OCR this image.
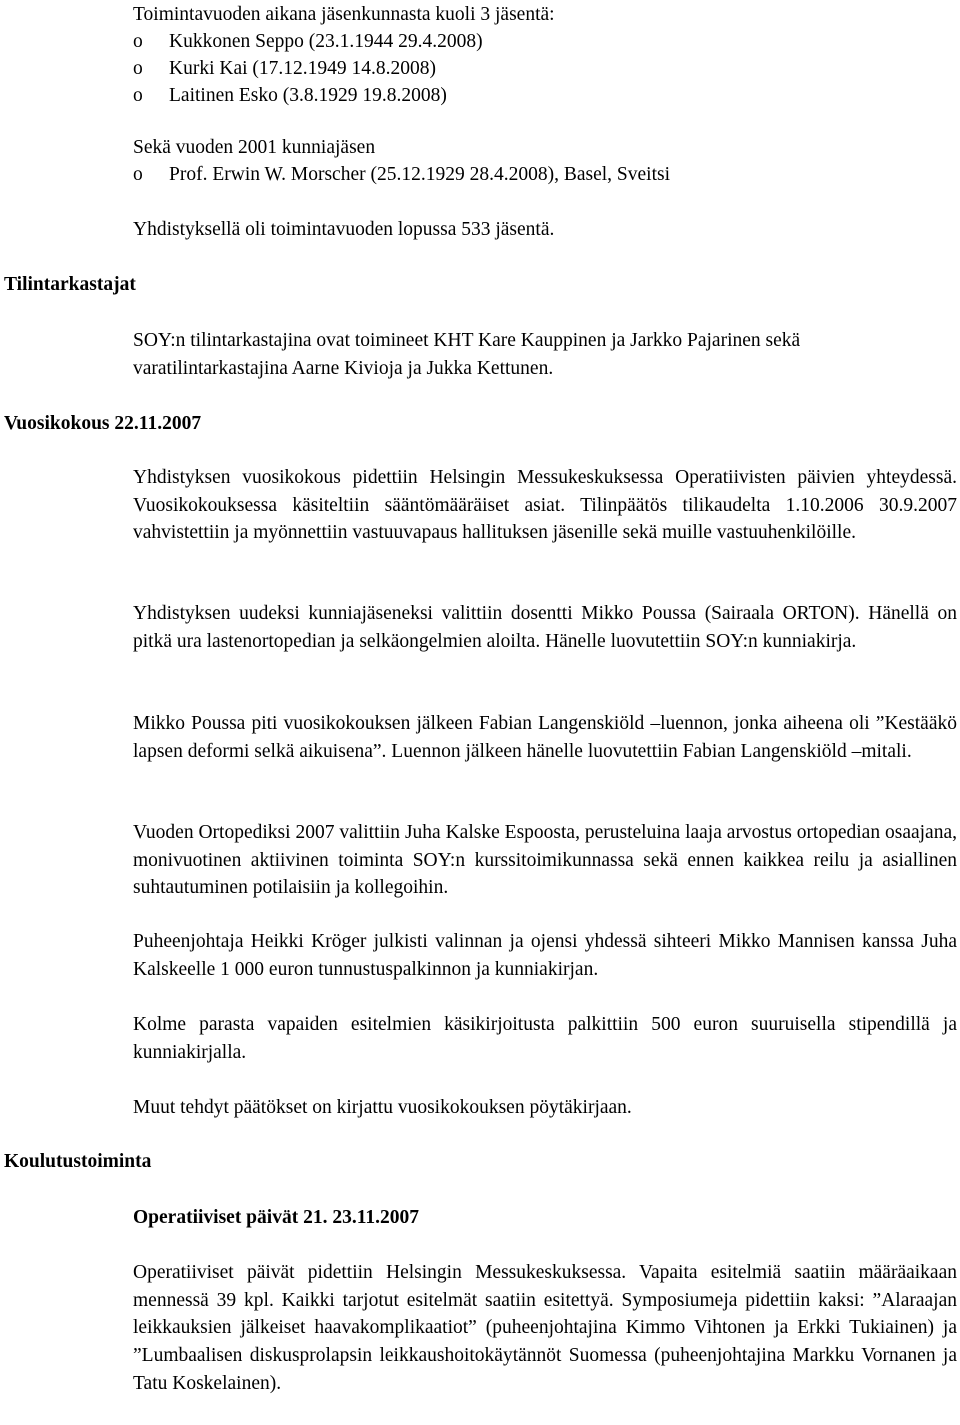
Toimintavuoden aikana jäsenkunnasta kuoli 3 jäsentä:
o Kukkonen Seppo (23.1.1944 29.4.2008)
o Kurki Kai (17.12.1949 14.8.2008)
o Laitinen Esko (3.8.1929 19.8.2008)
Sekä vuoden 2001 kunniajäsen
o Prof. Erwin W. Morscher (25.12.1929 28.4.2008), Basel, Sveitsi
Yhdistyksellä oli toimintavuoden lopussa 533 jäsentä.
Tilintarkastajat

SOY:n tilintarkastajina ovat toimineet KHT Kare Kauppinen ja Jarkko Pajarinen sekä varatilintarkastajina Aarne Kivioja ja Jukka Kettunen.

Vuosikokous 22.11.2007

Yhdistyksen vuosikokous pidettiin Helsingin Messukeskuksessa Operatiivisten päivien yhteydessä. Vuosikokouksessa käsiteltiin sääntömääräiset asiat. Tilinpäätös tilikaudelta 1.10.2006 30.9.2007 vahvistettiin ja myönnettiin vastuuvapaus hallituksen jäsenille sekä muille vastuuhenkilöille.

Yhdistyksen uudeksi kunniajäseneksi valittiin dosentti Mikko Poussa (Sairaala ORTON). Hänellä on pitkä ura lastenortopedian ja selkäongelmien aloilta. Hänelle luovutettiin SOY:n kunniakirja.

Mikko Poussa piti vuosikokouksen jälkeen Fabian Langenskiöld –luennon, jonka aiheena oli ”Kestääkö lapsen deformi selkä aikuisena”. Luennon jälkeen hänelle luovutettiin Fabian Langenskiöld –mitali.

Vuoden Ortopediksi 2007 valittiin Juha Kalske Espoosta, perusteluina laaja arvostus ortopedian osaajana, monivuotinen aktiivinen toiminta SOY:n kurssitoimikunnassa sekä ennen kaikkea reilu ja asiallinen suhtautuminen potilaisiin ja kollegoihin.

Puheenjohtaja Heikki Kröger julkisti valinnan ja ojensi yhdessä sihteeri Mikko Mannisen kanssa Juha Kalskeelle 1 000 euron tunnustuspalkinnon ja kunniakirjan.

Kolme parasta vapaiden esitelmien käsikirjoitusta palkittiin 500 euron suuruisella stipendillä ja kunniakirjalla.

Muut tehdyt päätökset on kirjattu vuosikokouksen pöytäkirjaan.

Koulutustoiminta
Operatiiviset päivät 21. 23.11.2007

Operatiiviset päivät pidettiin Helsingin Messukeskuksessa. Vapaita esitelmiä saatiin määräaikaan mennessä 39 kpl. Kaikki tarjotut esitelmät saatiin esitettyä. Symposiumeja pidettiin kaksi: ”Alaraajan leikkauksien jälkeiset haavakomplikaatiot” (puheenjohtajina Kimmo Vihtonen ja Erkki Tukiainen) ja ”Lumbaalisen diskusprolapsin leikkaushoitokäytännöt Suomessa (puheenjohtajina Markku Vornanen ja Tatu Koskelainen).
